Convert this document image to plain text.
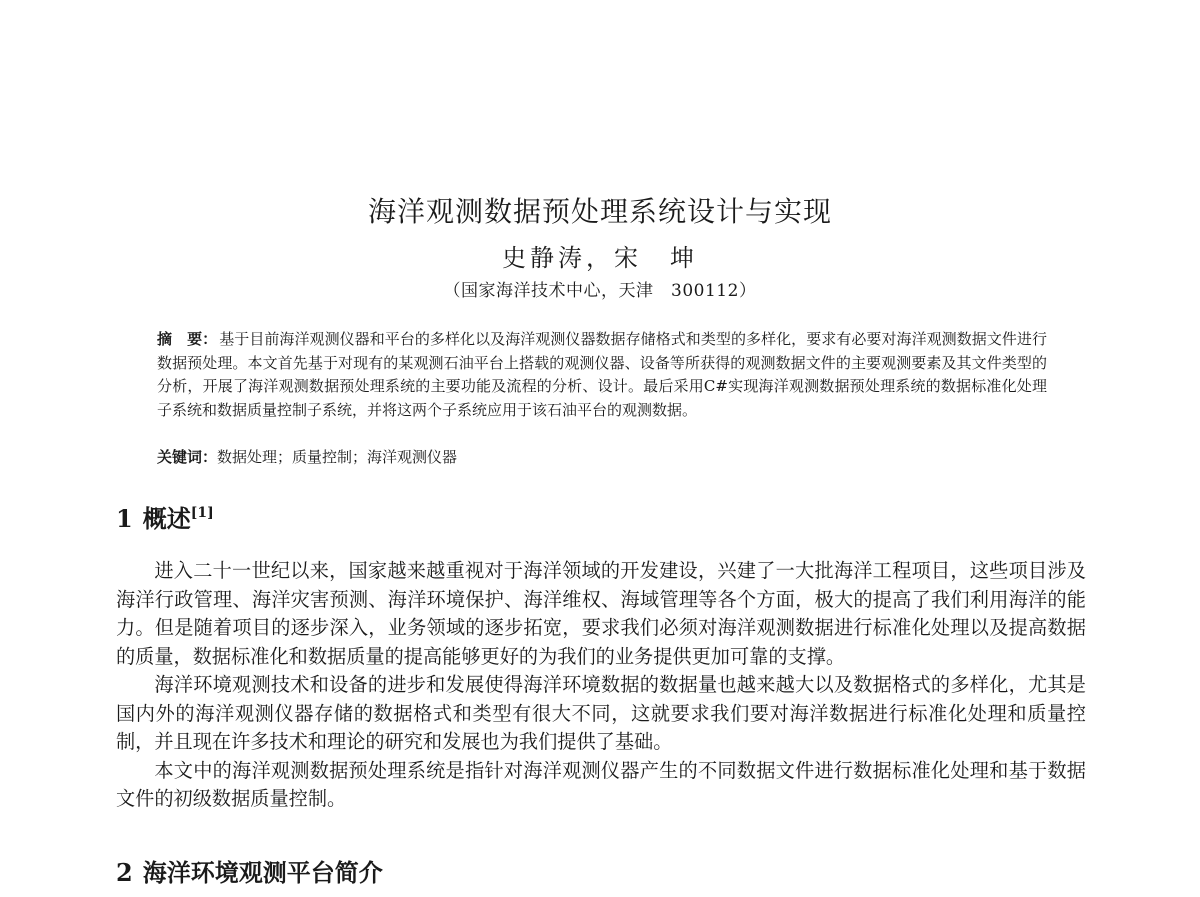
海洋观测数据预处理系统设计与实现
史静涛，宋　坤
（国家海洋技术中心，天津　300112）
摘　要： 基于目前海洋观测仪器和平台的多样化以及海洋观测仪器数据存储格式和类型的多样化，要求有必要对海洋观测数据文件进行数据预处理。本文首先基于对现有的某观测石油平台上搭载的观测仪器、设备等所获得的观测数据文件的主要观测要素及其文件类型的分析，开展了海洋观测数据预处理系统的主要功能及流程的分析、设计。最后采用C#实现海洋观测数据预处理系统的数据标准化处理子系统和数据质量控制子系统，并将这两个子系统应用于该石油平台的观测数据。
关键词：数据处理；质量控制；海洋观测仪器
1 概述[1]

进入二十一世纪以来，国家越来越重视对于海洋领域的开发建设，兴建了一大批海洋工程项目，这些项目涉及海洋行政管理、海洋灾害预测、海洋环境保护、海洋维权、海域管理等各个方面，极大的提高了我们利用海洋的能力。但是随着项目的逐步深入，业务领域的逐步拓宽，要求我们必须对海洋观测数据进行标准化处理以及提高数据的质量，数据标准化和数据质量的提高能够更好的为我们的业务提供更加可靠的支撑。

海洋环境观测技术和设备的进步和发展使得海洋环境数据的数据量也越来越大以及数据格式的多样化，尤其是国内外的海洋观测仪器存储的数据格式和类型有很大不同，这就要求我们要对海洋数据进行标准化处理和质量控制，并且现在许多技术和理论的研究和发展也为我们提供了基础。

本文中的海洋观测数据预处理系统是指针对海洋观测仪器产生的不同数据文件进行数据标准化处理和基于数据文件的初级数据质量控制。

2 海洋环境观测平台简介
